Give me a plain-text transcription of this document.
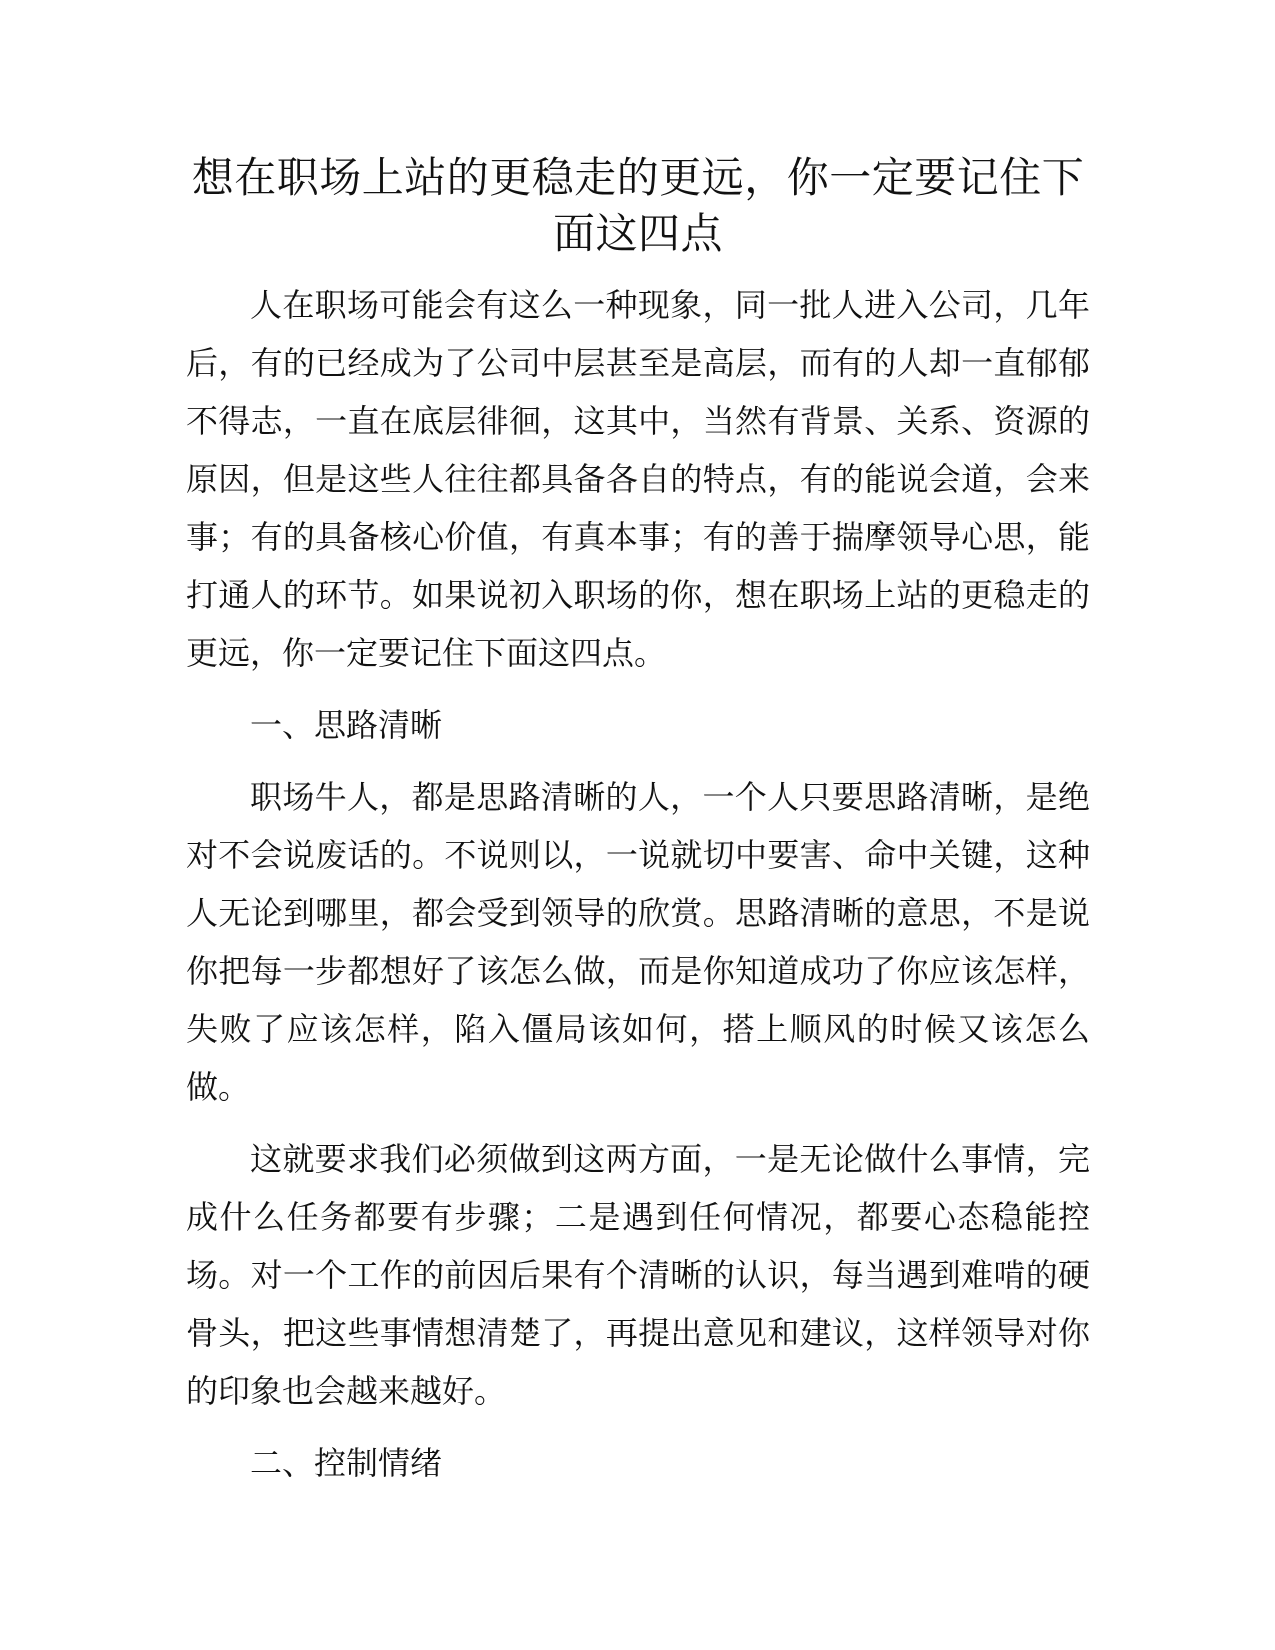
想在职场上站的更稳走的更远，你一定要记住下面这四点

人在职场可能会有这么一种现象，同一批人进入公司，几年后，有的已经成为了公司中层甚至是高层，而有的人却一直郁郁不得志，一直在底层徘徊，这其中，当然有背景、关系、资源的原因，但是这些人往往都具备各自的特点，有的能说会道，会来事；有的具备核心价值，有真本事；有的善于揣摩领导心思，能打通人的环节。如果说初入职场的你，想在职场上站的更稳走的更远，你一定要记住下面这四点。

一、思路清晰

职场牛人，都是思路清晰的人，一个人只要思路清晰，是绝对不会说废话的。不说则以，一说就切中要害、命中关键，这种人无论到哪里，都会受到领导的欣赏。思路清晰的意思，不是说你把每一步都想好了该怎么做，而是你知道成功了你应该怎样，失败了应该怎样，陷入僵局该如何，搭上顺风的时候又该怎么做。

这就要求我们必须做到这两方面，一是无论做什么事情，完成什么任务都要有步骤；二是遇到任何情况，都要心态稳能控场。对一个工作的前因后果有个清晰的认识，每当遇到难啃的硬骨头，把这些事情想清楚了，再提出意见和建议，这样领导对你的印象也会越来越好。

二、控制情绪
